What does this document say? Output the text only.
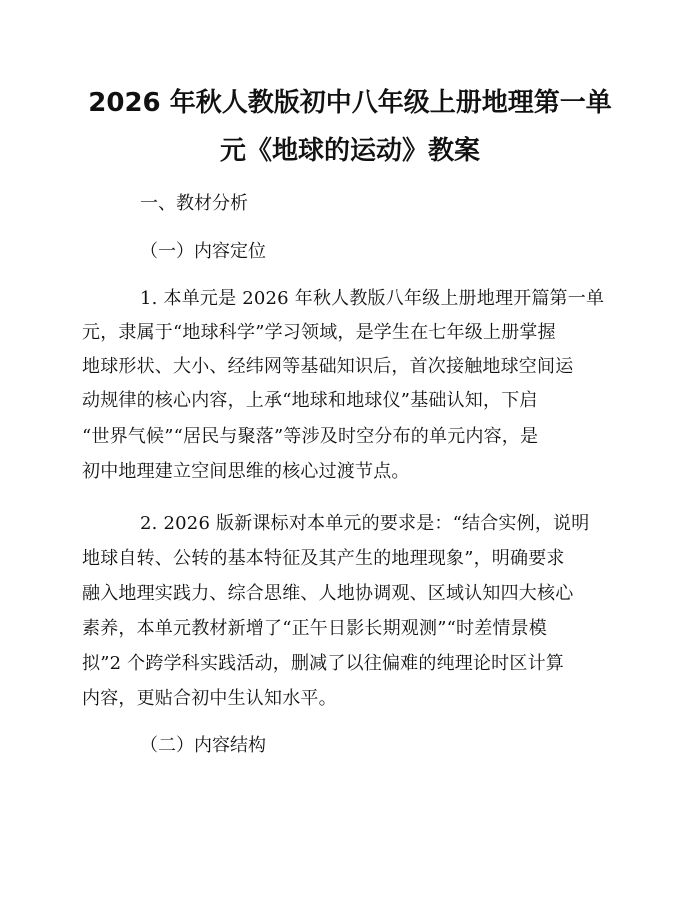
2026 年秋人教版初中八年级上册地理第一单
元《地球的运动》教案
一、教材分析
（一）内容定位
1. 本单元是 2026 年秋人教版八年级上册地理开篇第一单
元，隶属于“地球科学”学习领域，是学生在七年级上册掌握
地球形状、大小、经纬网等基础知识后，首次接触地球空间运
动规律的核心内容，上承“地球和地球仪”基础认知，下启
“世界气候”“居民与聚落”等涉及时空分布的单元内容，是
初中地理建立空间思维的核心过渡节点。
2. 2026 版新课标对本单元的要求是：“结合实例，说明
地球自转、公转的基本特征及其产生的地理现象”，明确要求
融入地理实践力、综合思维、人地协调观、区域认知四大核心
素养，本单元教材新增了“正午日影长期观测”“时差情景模
拟”2 个跨学科实践活动，删减了以往偏难的纯理论时区计算
内容，更贴合初中生认知水平。
（二）内容结构
